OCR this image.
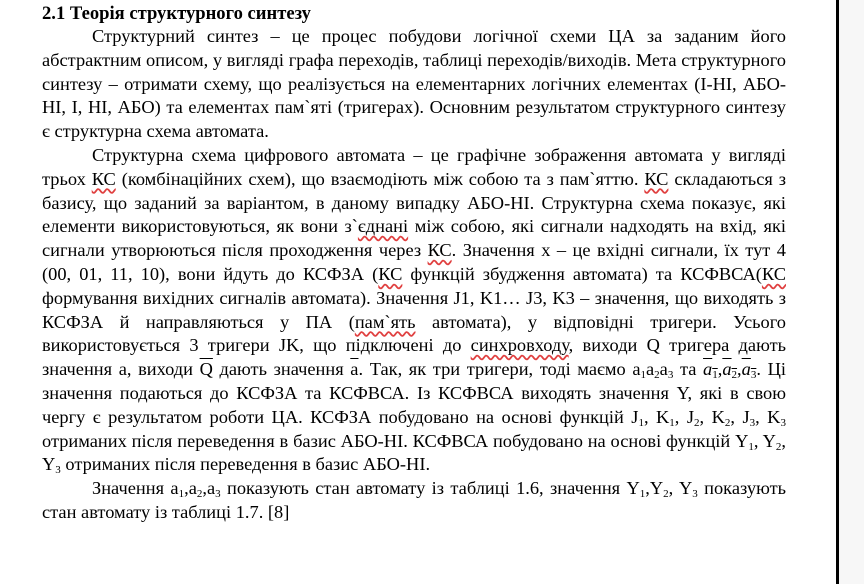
2.1 Теорія структурного синтезу

Структурний синтез – це процес побудови логічної схеми ЦА за заданим його абстрактним описом, у вигляді графа переходів, таблиці переходів/виходів. Мета структурного синтезу – отримати схему, що реалізується на елементарних логічних елементах (І-НІ, АБО-НІ, І, НІ, АБО) та елементах пам`яті (тригерах). Основним результатом структурного синтезу є структурна схема автомата.

Структурна схема цифрового автомата – це графічне зображення автомата у вигляді трьох КС (комбінаційних схем), що взаємодіють між собою та з пам`яттю. КС складаються з базису, що заданий за варіантом, в даному випадку АБО-НІ. Структурна схема показує, які елементи використовуються, як вони з`єднані між собою, які сигнали надходять на вхід, які сигнали утворюються після проходження через КС. Значення x – це вхідні сигнали, їх тут 4 (00, 01, 11, 10), вони йдуть до КСФЗА (КС функцій збудження автомата) та КСФВСА(КС формування вихідних сигналів автомата). Значення J1, K1… J3, K3 – значення, що виходять з КСФЗА й направляються у ПА (пам`ять автомата), у відповідні тригери. Усього використовується 3 тригери JK, що підключені до синхровходу, виходи Q тригера дають значення a, виходи $\overline{Q}$ дають значення $\overline{a}$. Так, як три тригери, тоді маємо $a_1a_2a_3$ та $a_1,a_2,a_3$. Ці значення подаються до КСФЗА та КСФВСА. Із КСФВСА виходять значення Y, які в свою чергу є результатом роботи ЦА. КСФЗА побудовано на основі функцій $J_1$, $K_1$, $J_2$, $K_2$, $J_3$, $K_3$ отриманих після переведення в базис АБО-НІ. КСФВСА побудовано на основі функцій $Y_1$, $Y_2$, $Y_3$ отриманих після переведення в базис АБО-НІ.

Значення $a_1,a_2,a_3$ показують стан автомату із таблиці 1.6, значення $Y_1,Y_2$, $Y_3$ показують стан автомату із таблиці 1.7. [8]
